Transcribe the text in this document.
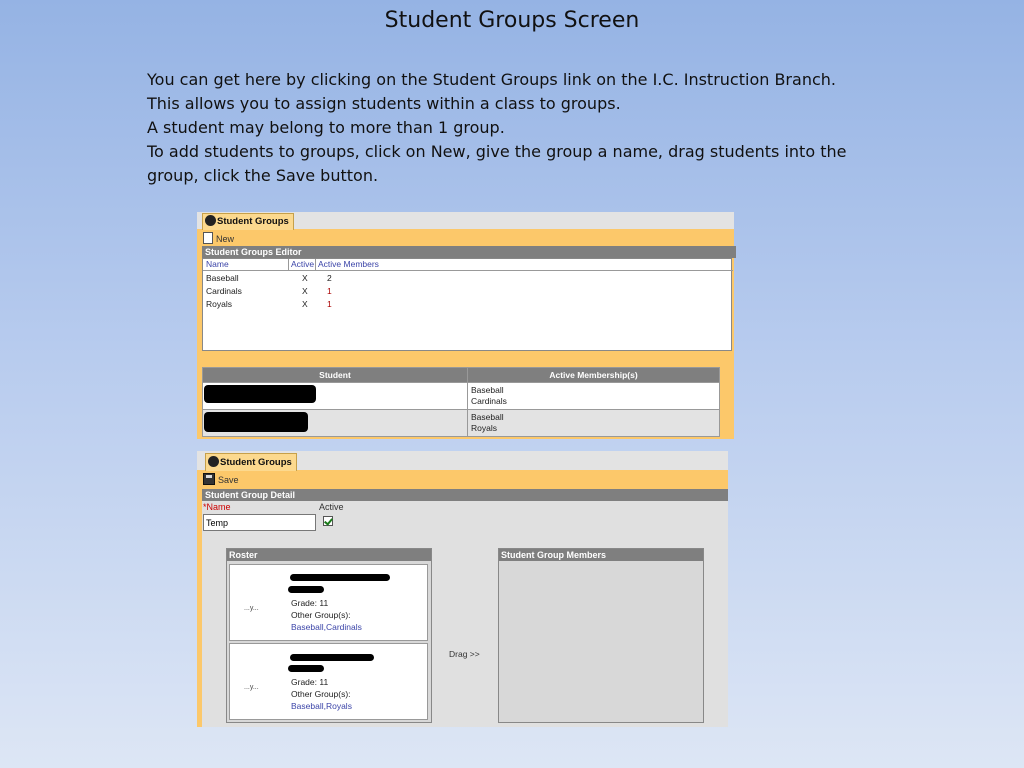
Student Groups Screen
You can get here by clicking on the Student Groups link on the I.C. Instruction Branch.
This allows you to assign students within a class to groups.
A student may belong to more than 1 group.
To add students to groups, click on New, give the group a name, drag students into the group, click the Save button.
Student Groups
New
Student Groups Editor
Name	Active Active Members
Baseball	X 2
Cardinals	X 1
Royals	X 1
Student	Active Membership(s)

	Baseball
Cardinals

	Baseball
Royals
Student Groups
Save
Student Group Detail
*Name	Active
Temp
Roster
...y...
Grade: 11
Other Group(s):
Baseball,Cardinals
...y...
Grade: 11
Other Group(s):
Baseball,Royals
Drag >>
Student Group Members
